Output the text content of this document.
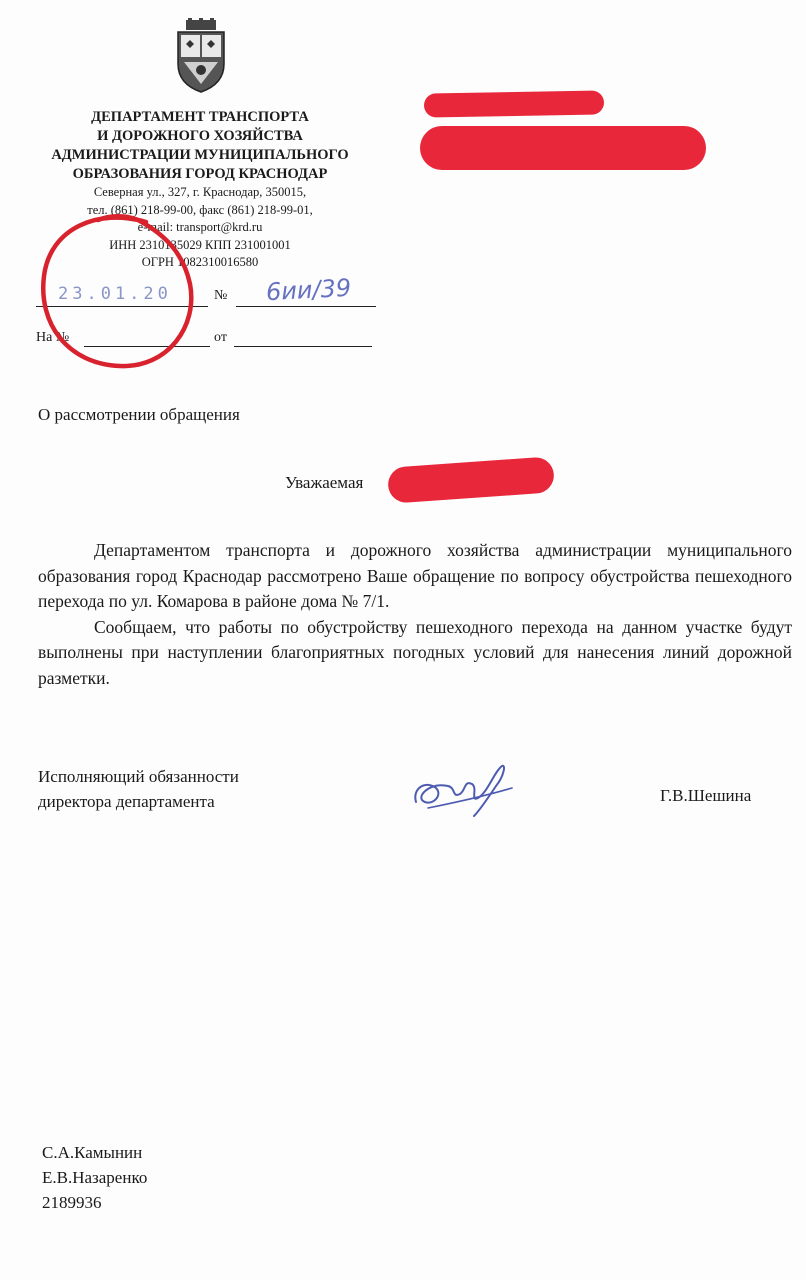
ДЕПАРТАМЕНТ ТРАНСПОРТА
И ДОРОЖНОГО ХОЗЯЙСТВА
АДМИНИСТРАЦИИ МУНИЦИПАЛЬНОГО
ОБРАЗОВАНИЯ ГОРОД КРАСНОДАР
Северная ул., 327, г. Краснодар, 350015,
тел. (861) 218-99-00, факс (861) 218-99-01,
e-mail: transport@krd.ru
ИНН 2310135029 КПП 231001001
ОГРН 1082310016580
23.01.20	№ 6ии/39
На №	от
О рассмотрении обращения
Уважаемая

Департаментом транспорта и дорожного хозяйства администрации муниципального образования город Краснодар рассмотрено Ваше обращение по вопросу обустройства пешеходного перехода по ул. Комарова в районе дома № 7/1.

Сообщаем, что работы по обустройству пешеходного перехода на данном участке будут выполнены при наступлении благоприятных погодных условий для нанесения линий дорожной разметки.

Исполняющий обязанности
директора департамента	Г.В.Шешина
С.А.Камынин
Е.В.Назаренко
2189936
